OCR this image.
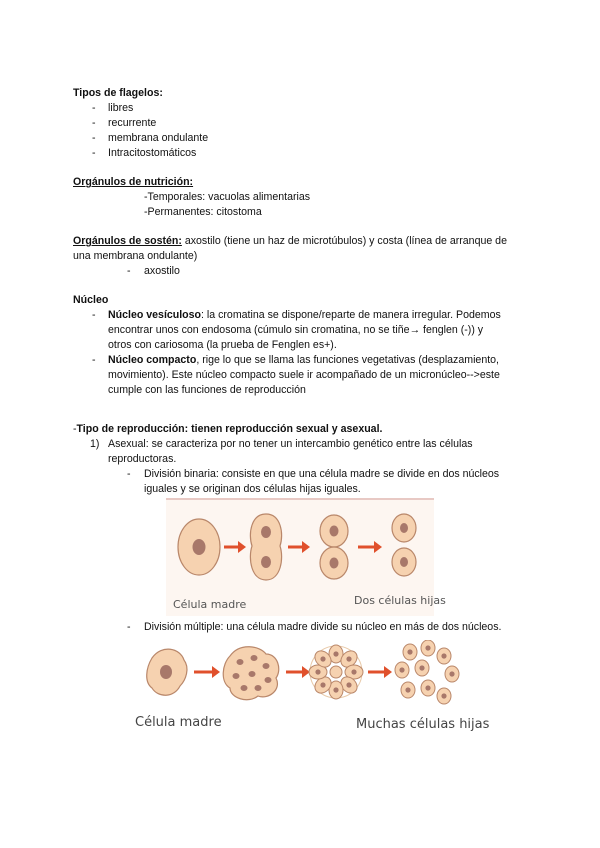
Tipos de flagelos:
- libres
- recurrente
- membrana ondulante
- Intracitostomáticos
Orgánulos de nutrición:
-Temporales: vacuolas alimentarias
-Permanentes: citostoma
Orgánulos de sostén: axostilo (tiene un haz de microtúbulos) y costa (línea de arranque de
una membrana ondulante)
- axostilo
Núcleo
- Núcleo vesículoso: la cromatina se dispone/reparte de manera irregular. Podemos
encontrar unos con endosoma (cúmulo sin cromatina, no se tiñe→ fenglen (-)) y
otros con cariosoma (la prueba de Fenglen es+).
- Núcleo compacto, rige lo que se llama las funciones vegetativas (desplazamiento,
movimiento). Este núcleo compacto suele ir acompañado de un micronúcleo-->este
cumple con las funciones de reproducción
-Tipo de reproducción: tienen reproducción sexual y asexual.
1) Asexual: se caracteriza por no tener un intercambio genético entre las células
reproductoras.
- División binaria: consiste en que una célula madre se divide en dos núcleos
iguales y se originan dos células hijas iguales.
Célula madre	Dos células hijas
- División múltiple: una célula madre divide su núcleo en más de dos núcleos.
Célula madre	Muchas células hijas
